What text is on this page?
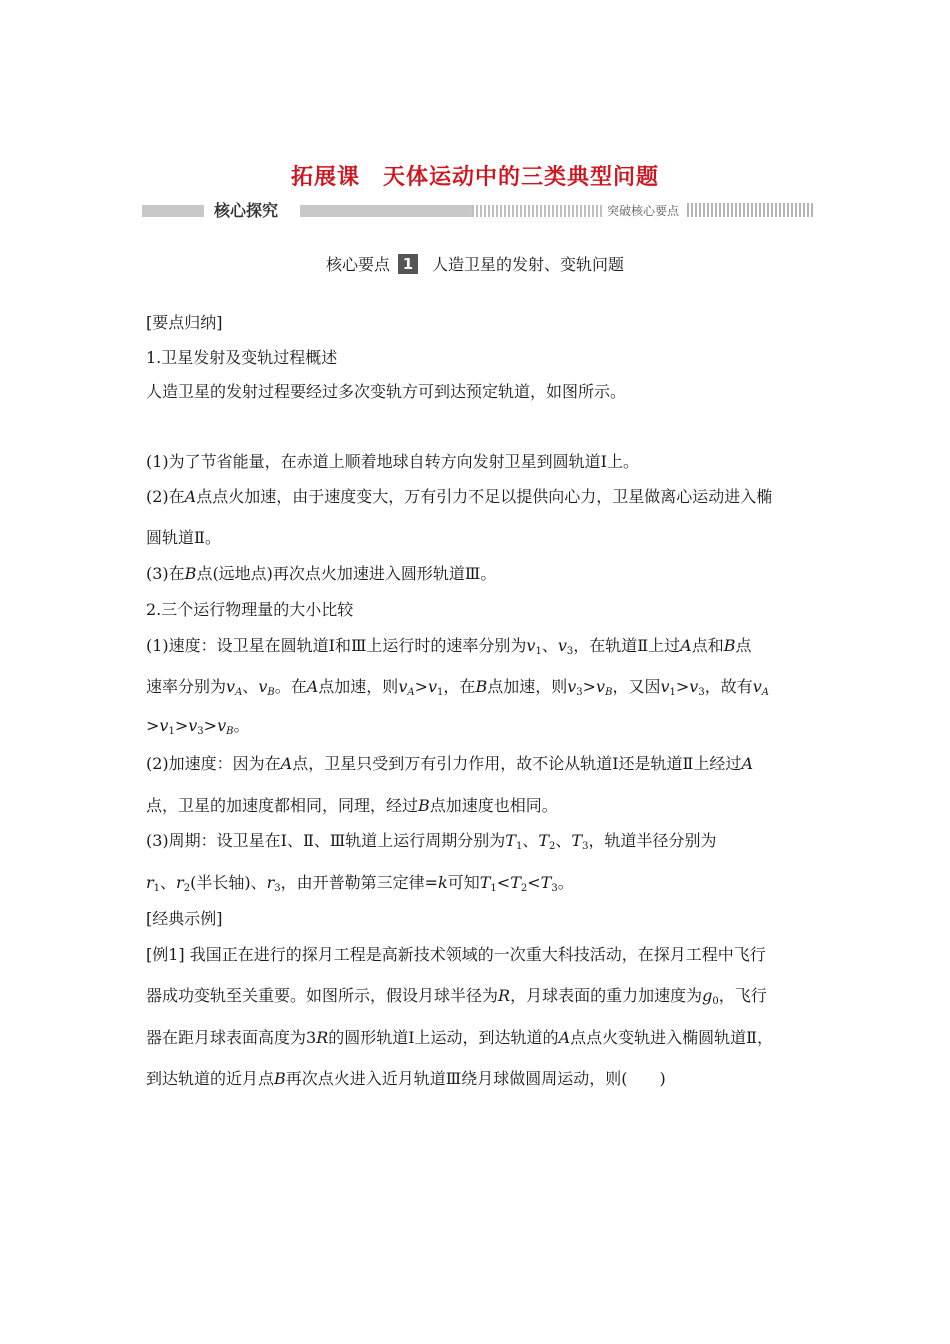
拓展课　天体运动中的三类典型问题
核心探究	突破核心要点
核心要点 1 人造卫星的发射、变轨问题
[要点归纳]
1.卫星发射及变轨过程概述
人造卫星的发射过程要经过多次变轨方可到达预定轨道，如图所示。
(1)为了节省能量，在赤道上顺着地球自转方向发射卫星到圆轨道Ⅰ上。
(2)在A点点火加速，由于速度变大，万有引力不足以提供向心力，卫星做离心运动进入椭
圆轨道Ⅱ。
(3)在B点(远地点)再次点火加速进入圆形轨道Ⅲ。
2.三个运行物理量的大小比较
(1)速度：设卫星在圆轨道Ⅰ和Ⅲ上运行时的速率分别为$v_1$、$v_3$，在轨道Ⅱ上过A点和B点
速率分别为$v_A$、$v_B$。在A点加速，则$v_A>v_1$，在B点加速，则$v_3>v_B$，又因$v_1>v_3$，故有$v_A$
$>v_1>v_3>v_B$。
(2)加速度：因为在A点，卫星只受到万有引力作用，故不论从轨道Ⅰ还是轨道Ⅱ上经过A
点，卫星的加速度都相同，同理，经过B点加速度也相同。
(3)周期：设卫星在Ⅰ、Ⅱ、Ⅲ轨道上运行周期分别为$T_1$、$T_2$、$T_3$，轨道半径分别为
$r_1$、$r_2$(半长轴)、$r_3$，由开普勒第三定律=k可知$T_1<T_2<T_3$。
[经典示例]
[例1] 我国正在进行的探月工程是高新技术领域的一次重大科技活动，在探月工程中飞行
器成功变轨至关重要。如图所示，假设月球半径为R，月球表面的重力加速度为$g_0$，飞行
器在距月球表面高度为3R的圆形轨道Ⅰ上运动，到达轨道的A点点火变轨进入椭圆轨道Ⅱ，
到达轨道的近月点B再次点火进入近月轨道Ⅲ绕月球做圆周运动，则(　　)
